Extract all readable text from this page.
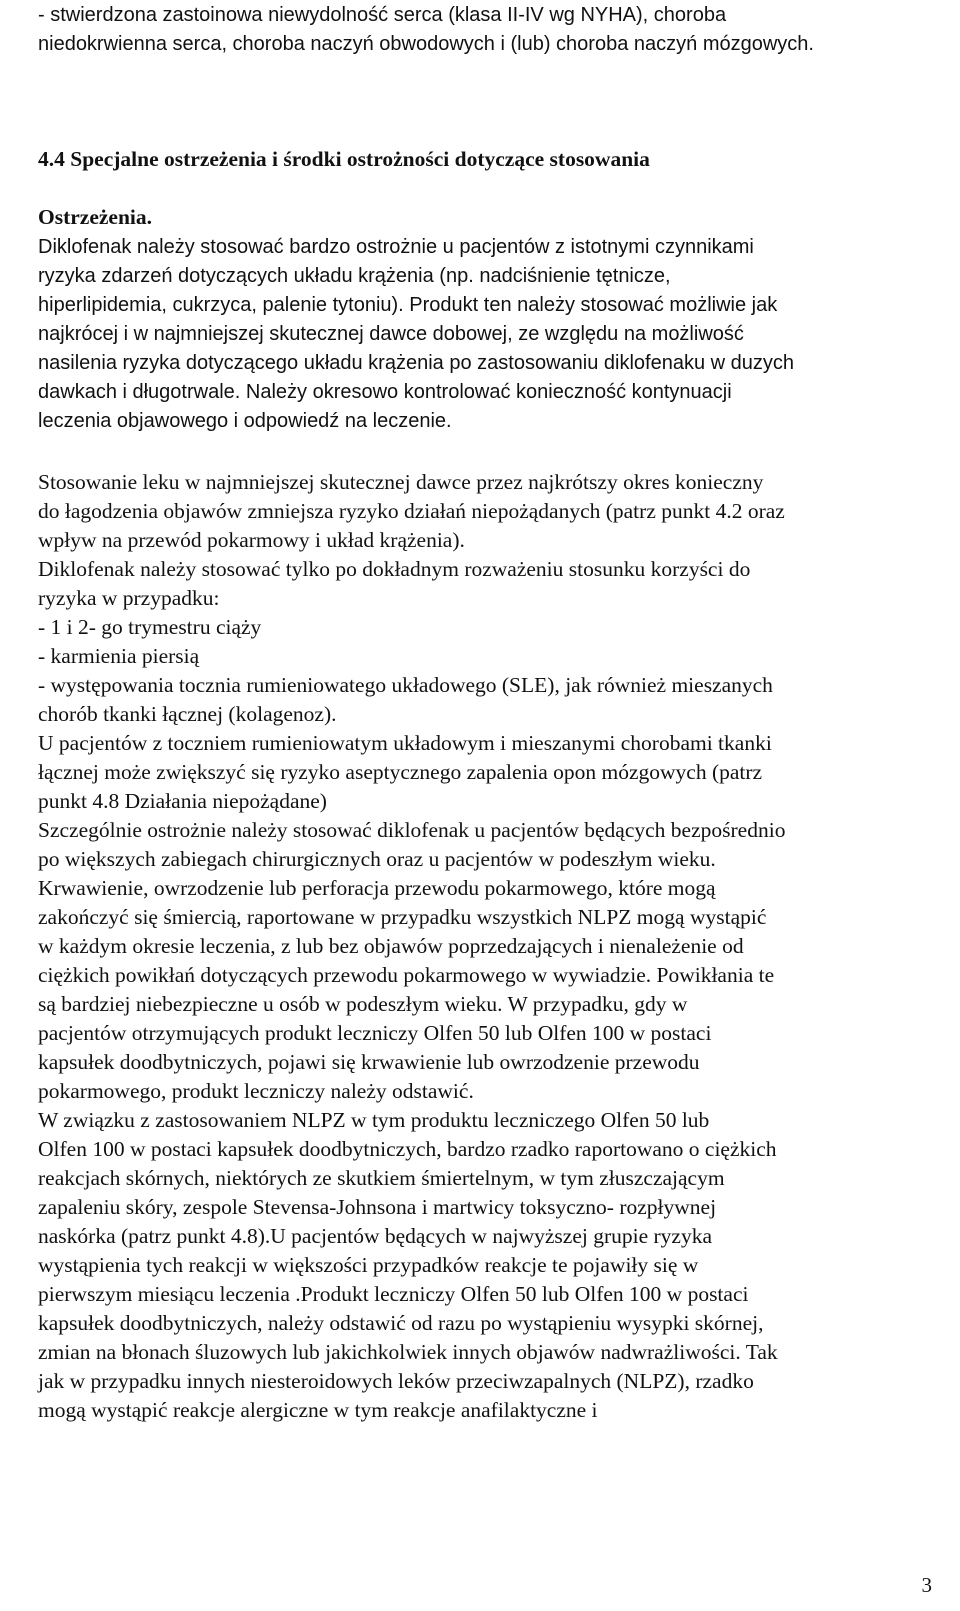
- stwierdzona zastoinowa niewydolność serca (klasa II-IV wg NYHA), choroba
niedokrwienna serca, choroba naczyń obwodowych i (lub) choroba naczyń mózgowych.
4.4 Specjalne ostrzeżenia i środki ostrożności dotyczące stosowania
Ostrzeżenia.
Diklofenak należy stosować bardzo ostrożnie u pacjentów z istotnymi czynnikami
ryzyka zdarzeń dotyczących układu krążenia (np. nadciśnienie tętnicze,
hiperlipidemia, cukrzyca, palenie tytoniu). Produkt ten należy stosować możliwie jak
najkrócej i w najmniejszej skutecznej dawce dobowej, ze względu na możliwość
nasilenia ryzyka dotyczącego układu krążenia po zastosowaniu diklofenaku w duzych
dawkach i długotrwale. Należy okresowo kontrolować konieczność kontynuacji
leczenia objawowego i odpowiedź na leczenie.
Stosowanie leku w najmniejszej skutecznej dawce przez najkrótszy okres konieczny
do łagodzenia objawów zmniejsza ryzyko działań niepożądanych (patrz punkt 4.2 oraz
wpływ na przewód pokarmowy i układ krążenia).
Diklofenak należy stosować tylko po dokładnym rozważeniu stosunku korzyści do
ryzyka w przypadku:
- 1 i 2- go trymestru ciąży
- karmienia piersią
- występowania tocznia rumieniowatego układowego (SLE), jak również mieszanych
chorób tkanki łącznej (kolagenoz).
U pacjentów z toczniem rumieniowatym układowym i mieszanymi chorobami tkanki
łącznej może zwiększyć się ryzyko aseptycznego zapalenia opon mózgowych (patrz
punkt 4.8 Działania niepożądane)
Szczególnie ostrożnie należy stosować diklofenak u pacjentów będących bezpośrednio
po większych zabiegach chirurgicznych oraz u pacjentów w podeszłym wieku.
Krwawienie, owrzodzenie lub perforacja przewodu pokarmowego, które mogą
zakończyć się śmiercią, raportowane w przypadku wszystkich NLPZ mogą wystąpić
w każdym okresie leczenia, z lub bez objawów poprzedzających i nienależenie od
ciężkich powikłań dotyczących przewodu pokarmowego w wywiadzie. Powikłania te
są bardziej niebezpieczne u osób w podeszłym wieku. W przypadku, gdy w
pacjentów otrzymujących produkt leczniczy Olfen 50 lub Olfen 100 w postaci
kapsułek doodbytniczych, pojawi się krwawienie lub owrzodzenie przewodu
pokarmowego, produkt leczniczy należy odstawić.
W związku z zastosowaniem NLPZ w tym produktu leczniczego Olfen 50 lub
Olfen 100 w postaci kapsułek doodbytniczych, bardzo rzadko raportowano o ciężkich
reakcjach skórnych, niektórych ze skutkiem śmiertelnym, w tym złuszczającym
zapaleniu skóry, zespole Stevensa-Johnsona i martwicy toksyczno- rozpływnej
naskórka (patrz punkt 4.8).U pacjentów będących w najwyższej grupie ryzyka
wystąpienia tych reakcji w większości przypadków reakcje te pojawiły się w
pierwszym miesiącu leczenia .Produkt leczniczy Olfen 50 lub Olfen 100 w postaci
kapsułek doodbytniczych, należy odstawić od razu po wystąpieniu wysypki skórnej,
zmian na błonach śluzowych lub jakichkolwiek innych objawów nadwrażliwości. Tak
jak w przypadku innych niesteroidowych leków przeciwzapalnych (NLPZ), rzadko
mogą wystąpić reakcje alergiczne w tym reakcje anafilaktyczne i
3
